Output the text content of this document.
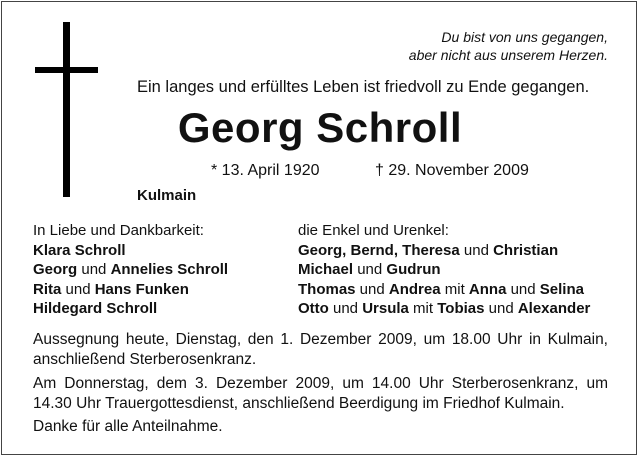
Du bist von uns gegangen,
aber nicht aus unserem Herzen.
Ein langes und erfülltes Leben ist friedvoll zu Ende gegangen.
Georg Schroll
* 13. April 1920	† 29. November 2009
Kulmain
In Liebe und Dankbarkeit:
Klara Schroll
Georg und Annelies Schroll
Rita und Hans Funken
Hildegard Schroll
die Enkel und Urenkel:
Georg, Bernd, Theresa und Christian
Michael und Gudrun
Thomas und Andrea mit Anna und Selina
Otto und Ursula mit Tobias und Alexander
Aussegnung heute, Dienstag, den 1. Dezember 2009, um 18.00 Uhr in Kulmain, anschließend Sterberosenkranz.
Am Donnerstag, dem 3. Dezember 2009, um 14.00 Uhr Sterberosenkranz, um 14.30 Uhr Trauergottesdienst, anschließend Beerdigung im Friedhof Kulmain.
Danke für alle Anteilnahme.
